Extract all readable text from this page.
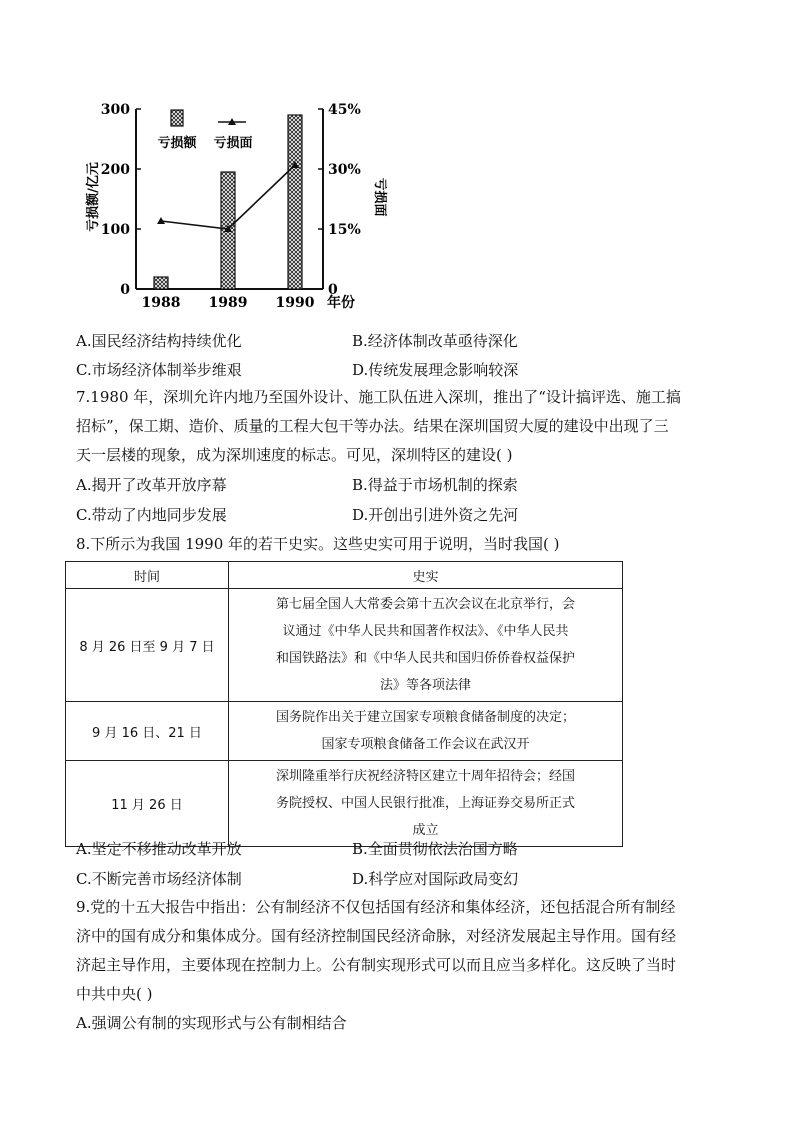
0
100
200
300
0
15%
30%
45%
1988 1989 1990 年份
亏损额 亏损面
亏损额/亿元	亏损面
A.国民经济结构持续优化	B.经济体制改革亟待深化
C.市场经济体制举步维艰	D.传统发展理念影响较深
7.1980 年，深圳允许内地乃至国外设计、施工队伍进入深圳，推出了“设计搞评选、施工搞
招标”，保工期、造价、质量的工程大包干等办法。结果在深圳国贸大厦的建设中出现了三
天一层楼的现象，成为深圳速度的标志。可见，深圳特区的建设( )
A.揭开了改革开放序幕	B.得益于市场机制的探索
C.带动了内地同步发展	D.开创出引进外资之先河
8.下所示为我国 1990 年的若干史实。这些史实可用于说明，当时我国( )
时间	史实
8 月 26 日至 9 月 7 日	第七届全国人大常委会第十五次会议在北京举行，会
议通过《中华人民共和国著作权法》、《中华人民共
和国铁路法》和《中华人民共和国归侨侨眷权益保护
法》等各项法律

9 月 16 日、21 日	国务院作出关于建立国家专项粮食储备制度的决定；
国家专项粮食储备工作会议在武汉开

11 月 26 日	深圳隆重举行庆祝经济特区建立十周年招待会；经国
务院授权、中国人民银行批准，上海证券交易所正式
成立
A.坚定不移推动改革开放	B.全面贯彻依法治国方略
C.不断完善市场经济体制	D.科学应对国际政局变幻
9.党的十五大报告中指出：公有制经济不仅包括国有经济和集体经济，还包括混合所有制经
济中的国有成分和集体成分。国有经济控制国民经济命脉，对经济发展起主导作用。国有经
济起主导作用，主要体现在控制力上。公有制实现形式可以而且应当多样化。这反映了当时
中共中央( )
A.强调公有制的实现形式与公有制相结合
